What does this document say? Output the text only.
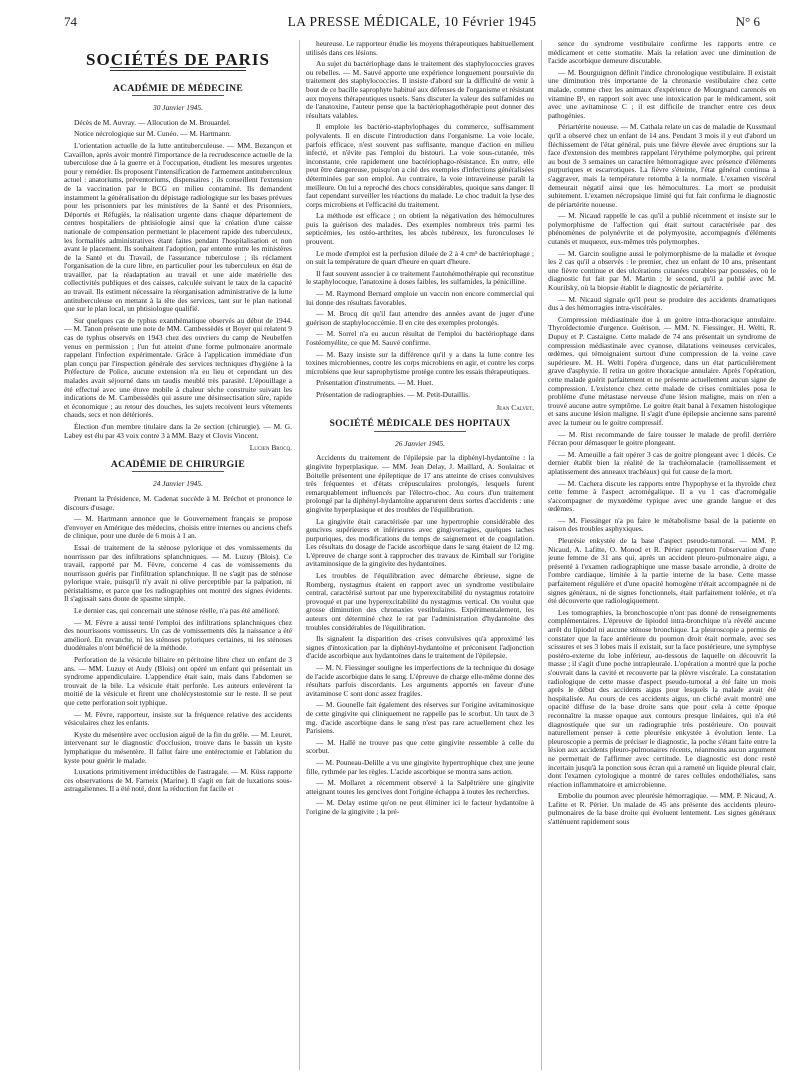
74	LA PRESSE MÉDICALE, 10 Février 1945	N° 6
SOCIÉTÉS DE PARIS
ACADÉMIE DE MÉDECINE
30 Janvier 1945.

Décès de M. Auvray. — Allocution de M. Brouardel.

Notice nécrologique sur M. Cunéo. — M. Hartmann.

L'orientation actuelle de la lutte antituberculeuse. — MM. Bezançon et Cavaillon, après avoir montré l'importance de la recrudescence actuelle de la tuberculose due à la guerre et à l'occupation, étudient les mesures urgentes pour y remédier. Ils proposent l'intensification de l'armement antituberculeux actuel : anatoriums, préventoriums, dispensaires ; ils conseillent l'extension de la vaccination par le BCG en milieu contaminé. Ils demandent instamment la généralisation du dépistage radiologique sur les bases prévues pour les prisonniers par les ministères de la Santé et des Prisonniers, Déportés et Réfugiés, la réalisation urgente dans chaque département de centres hospitaliers de phtisiologie ainsi que la création d'une caisse nationale de compensation permettant le placement rapide des tuberculeux, les formalités administratives étant faites pendant l'hospitalisation et non avant le placement. Ils souhaitent l'adoption, par entente entre les ministères de la Santé et du Travail, de l'assurance tuberculose ; ils réclament l'organisation de la cure libre, en particulier pour les tuberculeux en état de travailler, par la réadaptation au travail et une aide matérielle des collectivités publiques et des caisses, calculée suivant le taux de la capacité au travail. Ils estiment nécessaire la réorganisation administrative de la lutte antituberculeuse en mettant à la tête des services, tant sur le plan national que sur le plan local, un phtisiologue qualifié.

Sur quelques cas de typhus exanthématique observés au début de 1944. — M. Tanon présente une note de MM. Cambessèdès et Boyer qui relatent 9 cas de typhus observés en 1943 chez des ouvriers du camp de Neubelfen venus en permission ; l'un fut atteint d'une forme pulmonaire anormale rappelant l'infection expérimentale. Grâce à l'application immédiate d'un plan conçu par l'inspection générale des services techniques d'hygiène à la Préfecture de Police, aucune extension n'a eu lieu et cependant un des malades avait séjourné dans un taudis meublé très parasité. L'épouillage a été effectué avec une étuve mobile à chaleur sèche construite suivant les indications de M. Cambessèdès qui assure une désinsectisation sûre, rapide et économique ; au retour des douches, les sujets recoivent leurs vêtements chauds, secs et non détériorés.

Élection d'un membre titulaire dans la 2e section (chirurgie). — M. G. Labey est élu par 43 voix contre 3 à MM. Bazy et Clovis Vincent.

Lucien Brocq.
ACADÉMIE DE CHIRURGIE
24 Janvier 1945.

Prenant la Présidence, M. Cadenat succède à M. Bréchot et prononce le discours d'usage.

— M. Hartmann annonce que le Gouvernement français se propose d'envoyer en Amérique des médecins, choisis entre internes ou anciens chefs de clinique, pour une durée de 6 mois à 1 an.

Essai de traitement de la sténose pylorique et des vomissements du nourrisson par des infiltrations splanchniques. — M. Luzuy (Blois). Ce travail, rapporté par M. Fèvre, concerne 4 cas de vomissements du nourrisson guéris par l'infiltration splanchnique. Il ne s'agit pas de sténose pylorique vraie, puisqu'il n'y avait ni olive perceptible par la palpation, ni péristaltisme, et parce que les radiographies ont montré des signes évidents. Il s'agissait sans doute de spasme simple.

Le dernier cas, qui concernait une sténose réelle, n'a pas été amélioré.

— M. Fèvre a aussi tenté l'emploi des infiltrations splanchniques chez des nourrissons vomisseurs. Un cas de vomissements dès la naissance a été amélioré. En revanche, ni les sténoses pyloriques certaines, ni les sténoses duodénales n'ont bénéficié de la méthode.

Perforation de la vésicule biliaire en péritoine libre chez un enfant de 3 ans. — MM. Luzuy et Audy (Blois) ont opéré un enfant qui présentait un syndrome appendiculaire. L'appendice était sain, mais dans l'abdomen se trouvait de la bile. La vésicule était perforée. Les auteurs enlevèrent la moitié de la vésicule et firent une cholécystostomie sur le reste. Il se peut que cette perforation soit typhique.

— M. Fèvre, rapporteur, insiste sur la fréquence relative des accidents vésiculaires chez les enfants.

Kyste du mésentère avec occlusion aiguë de la fin du grêle. — M. Leuret, intervenant sur le diagnostic d'occlusion, trouve dans le bassin un kyste lymphatique du mésentère. Il fallut faire une entérectomie et l'ablation du kyste pour guérir le malade.

Luxations primitivement irréductibles de l'astragale. — M. Küss rapporte ces observations de M. Farneix (Marine). Il s'agit en fait de luxations sous-astragaliennes. Il a été noté, dont la réduction fut facile et

heureuse. Le rapporteur étudie les moyens thérapeutiques habituellement utilisés dans ces lésions.

Au sujet du bactériophage dans le traitement des staphylococcies graves ou rebelles. — M. Sauvé apporte une expérience longuement poursuivie du traitement des staphylococcies. Il insiste d'abord sur la difficulté de venir à bout de ce bacille saprophyte habitué aux défenses de l'organisme et résistant aux moyens thérapeutiques usuels. Sans discuter la valeur des sulfamides ou de l'anatoxine, l'auteur pense que la bactériophagothérapie peut donner des résultats valables.

Il emploie les bactério-staphylophages du commerce, suffisamment polyvalents. Il en discute l'introduction dans l'organisme. La voie locale, parfois efficace, n'est souvent pas suffisante, manque d'action en milieu infecté, et n'évite pas l'emploi du bistouri. La voie sous-cutanée, très inconstante, crée rapidement une bactériophago-résistance. En outre, elle peut être dangereuse, puisqu'on a cité des exemples d'infections généralisées déterminées par son emploi. Au contraire, la voie intraveineuse paraît la meilleure. On lui a reproché des chocs considérables, quoique sans danger. Il faut cependant surveiller les réactions du malade. Le choc traduit la lyse des corps microbiens et l'efficacité du traitement.

La méthode est efficace ; on obtient la négativation des hémocultures puis la guérison des malades. Des exemples nombreux très parmi les septicémies, les ostéo-arthrites, les abcès tubéreux, les furonculoses le prouvent.

Le mode d'emploi est la perfusion diluée de 2 à 4 cm³ de bactériophage ; on suit la température de quart d'heure en quart d'heure.

Il faut souvent associer à ce traitement l'autohémothérapie qui reconstitue le staphylocoque, l'anatoxine à doses faibles, les sulfamides, la pénicilline.

— M. Raymond Bernard emploie un vaccin non encore commercial qui lui donne des résultats favorables.

— M. Brocq dit qu'il faut attendre des années avant de juger d'une guérison de staphylococcémie. Il en cite des exemples prolongés.

— M. Sorrel n'a eu aucun résultat de l'emploi du bactériophage dans l'ostéomyélite, ce que M. Sauvé confirme.

— M. Bazy insiste sur la différence qu'il y a dans la lutte contre les toxines microbiennes, contre les corps microbiens en agir, et contre les corps microbiens que leur saprophytisme protège contre les essais thérapeutiques.

Présentation d'instruments. — M. Huet.

Présentation de radiographies. — M. Petit-Dutaillis.

Jean Calvet.
SOCIÉTÉ MÉDICALE DES HOPITAUX
26 Janvier 1945.

Accidents du traitement de l'épilepsie par la diphényl-hydantoïne : la gingivite hyperplasique. — MM. Jean Delay, J. Maillard, A. Soulairac et Boitelle présentent une épileptique de 17 ans atteinte de crises convulsives très fréquentes et d'états crépusculaires prolongés, lesquels furent remarquablement influencés par l'électro-choc. Au cours d'un traitement prolongé par la diphényl-hydantoïne apparurent deux sortes d'accidents : une gingivite hyperplasique et des troubles de l'équilibration.

La gingivite était caractérisée par une hypertrophie considérable des gencives supérieures et inférieures avec gingivorragies, quelques taches purpuriques, des modifications du temps de saignement et de coagulation. Les résultats du dosage de l'acide ascorbique dans le sang étaient de 12 mg. L'épreuve de charge sont à rapprocher des travaux de Kimball sur l'origine avitaminosique de la gingivite des hydantoïnes.

Les troubles de l'équilibration avec démarche ébrieuse, signe de Romberg, nystagmus étaient en rapport avec un syndrome vestibulaire central, caractérisé surtout par une hyperexcitabilité du nystagmus rotatoire provoqué et par une hyperexcitabilité du nystagmus vertical. On voulut que grosse diminution des chronaxies vestibulaires. Expérimentalement, les auteurs ont déterminé chez le rat par l'administration d'hydantoïne des troubles considérables de l'équilibration.

Ils signalent la disparition des crises convulsives qu'a approximé les signes d'intoxication par la diphényl-hydantoïne et préconisent l'adjonction d'acide ascorbique aux hydantoïnes dans le traitement de l'épilepsie.

— M. N. Fiessinger souligne les imperfections de la technique du dosage de l'acide ascorbique dans le sang. L'épreuve de charge elle-même donne des résultats parfois discordants. Les arguments apportés en faveur d'une avitaminose C sont donc assez fragiles.

— M. Gounelle fait également des réserves sur l'origine avitaminosique de cette gingivite qui cliniquement ne rappelle pas le scorbut. Un taux de 3 mg. d'acide ascorbique dans le sang n'est pas rare actuellement chez les Parisiens.

— M. Hallé ne trouve pas que cette gingivite ressemble à celle du scorbut.

— M. Pouneau-Delille a vu une gingivite hypertrophique chez une jeune fille, rythmée par les règles. L'acide ascorbique se montra sans action.

— M. Mollaret a récemment observé à la Salpêtrière une gingivite atteignant toutes les gencives dont l'origine échappa à toutes les recherches.

— M. Delay estime qu'on ne peut éliminer ici le facteur hydantoïne à l'origine de la gingivite ; la pré-

sence du syndrome vestibulaire confirme les rapports entre ce médicament et cette stomatite. Mais la relation avec une diminution de l'acide ascorbique demeure discutable.

— M. Bourguignon définit l'indice chronologique vestibulaire. Il existait une diminution très importante de la chronaxie vestibulaire chez cette malade, comme chez les animaux d'expérience de Mourgnand carencés en vitamine B¹, en rapport soit avec une intoxication par le médicament, soit avec une avitaminose C ; il est difficile de trancher entre ces deux pathogénies.

Périartérite noueuse. — M. Cathala relate un cas de maladie de Kussmaul qu'il a observé chez un enfant de 14 ans. Pendant 3 mois il y eut d'abord un fléchissement de l'état général, puis une fièvre élevée avec éruptions sur la face d'extension des membres rappelant l'érythème polymorphe, qui prirent au bout de 3 semaines un caractère hémorragique avec présence d'éléments purpuriques et escarrotiques. La fièvre s'éteinte, l'état général continua à s'aggraver, mais la température retomba à la normale. L'examen viscéral demeurait négatif ainsi que les hémocultures. La mort se produisit subitement. L'examen nécropsique limité qui fut fait confirma le diagnostic de périartérite noueuse.

— M. Nicaud rappelle le cas qu'il a publié récemment et insiste sur le polymorphisme de l'affection qui était surtout caractérisée par des phénomènes de polynévrite et de polymyosite, accompagnés d'éléments cutanés et muqueux, eux-mêmes très polymorphes.

— M. Garcin souligne aussi le polymorphisme de la maladie et évoque les 2 cas qu'il a observés : le premier, chez un enfant de 10 ans, présentant une fièvre continue et des ulcérations cutanées curables par poussées, où le diagnostic fut fait par M. Martin ; le second, qu'il a publié avec M. Kourilsky, où la biopsie établit le diagnostic de périartérite.

— M. Nicaud signale qu'il peut se produire des accidents dramatiques dus à des hémorragies intra-viscérales.

Compression médiastinale due à un goitre intra-thoracique annulaire. Thyroïdectomie d'urgence. Guérison. — MM. N. Fiessinger, H. Welti, R. Dupuy et P. Castaigne. Cette malade de 74 ans présentait un syndrome de compression médiastinale avec cyanose, dilatations veineuses cervicales, œdèmes, qui témoignaient surtout d'une compression de la veine cave supérieure. M. H. Welti l'opéra d'urgence, dans un état particulièrement grave d'asphyxie. Il retira un goitre thoracique annulaire. Après l'opération, cette malade guérit parfaitement et ne présente actuellement aucun signe de compression. L'existence chez cette malade de crises comitiales posa le problème d'une métastase nerveuse d'une lésion maligne, mais on n'en a trouvé aucune autre symptôme. Le goitre était banal à l'examen histologique et sans aucune lésion maligne. Il s'agit d'une épilepsie ancienne sans parenté avec la tumeur ou le goitre compressif.

— M. Rist recommande de faire tousser le malade de profil derrière l'écran pour démasquer le goitre plongeant.

— M. Ameuille a fait opérer 3 cas de goitre plongeant avec 1 décès. Ce dernier établit bien la réalité de la trachéomalacie (ramollissement et aplatissement des anneaux trachéaux) qui fut cause de la mort.

— M. Cachera discute les rapports entre l'hypophyse et la thyroïde chez cette femme à l'aspect acromégalique. Il a vu 1 cas d'acromégalie s'accompagner de myxœdème typique avec une grande langue et des œdèmes.

— M. Fiessinger n'a pu faire le métabolisme basal de la patiente en raison des troubles asphyxiques.

Pleurésie enkystée de la base d'aspect pseudo-tumoral. — MM. P. Nicaud, A. Lafitte, O. Monod et R. Périer rapportent l'observation d'une jeune femme de 31 ans qui, après un accident pleuro-pulmonaire aigu, a présenté à l'examen radiographique une masse basale arrondie, à droite de l'ombre cardiaque, limitée à la partie interne de la base. Cette masse parfaitement régulière et d'une opacité homogène n'était accompagnée ni de signes généraux, ni de signes fonctionnels, était parfaitement tolérée, et n'a été découverte que radiologiquement.

Les tomographies, la bronchoscopie n'ont pas donné de renseignements complémentaires. L'épreuve de lipiodol intra-bronchique n'a révélé aucune arrêt du lipiodol ni aucune sténose bronchique. La pleuroscopie a permis de constater que la face antérieure du poumon droit était normale, avec ses scissures et ses 3 lobes mais il existait, sur la face postérieure, une symphyse postéro-externe du lobe inférieur, au-dessous de laquelle on découvrit la masse ; il s'agit d'une poche intrapleurale. L'opération a montré que la poche s'ouvrait dans la cavité et recouverte par la plèvre viscérale. La constatation radiologique de cette masse d'aspect pseudo-tumoral a été faite un mois après le début des accidents aigus pour lesquels la malade avait été hospitalisée. Au cours de ces accidents aigus, un cliché avait montré une opacité diffuse de la base droite sans que pour cela à cette époque reconnaître la masse opaque aux contours presque linéaires, qui n'a été diagnostiquée que sur un radiographie très postérieure. On pouvait naturellement penser à cette pleurésie enkystée à évolution lente. La pleuroscopie a permis de préciser le diagnostic, la poche s'étant faite entre la lésion aux accidents pleuro-pulmonaires récents, néanmoins aucun argument ne permettait de l'affirmer avec certitude. Le diagnostic est donc resté incertain jusqu'à la ponction sous écran qui a ramené un liquide pleural clair, dont l'examen cytologique a montré de rares cellules endothéliales, sans réaction inflammatoire et amicrobienne.

Embolie du poumon avec pleurésie hémorragique. — MM. P. Nicaud, A. Lafitte et R. Périer. Un malade de 45 ans présente des accidents pleuro-pulmonaires de la base droite qui évoluent lentement. Les signes généraux s'atténuent rapidement sous
